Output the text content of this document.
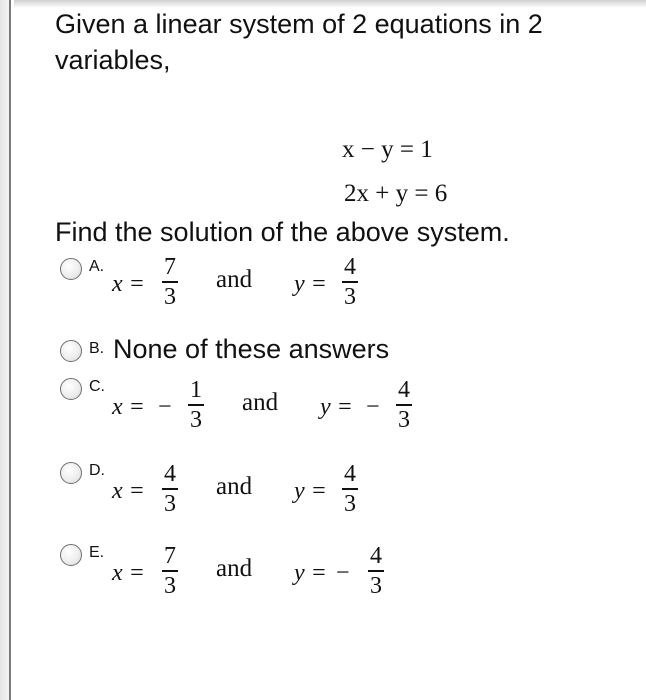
Given a linear system of 2 equations in 2 variables,
x − y = 1
2x + y = 6
Find the solution of the above system.
A.
x =
7
3
and y =
4
3
B. None of these answers
C.
x = −
1
3
and y = −
4
3
D.
x =
4
3
and y =
4
3
E.
x =
7
3
and y = −
4
3
